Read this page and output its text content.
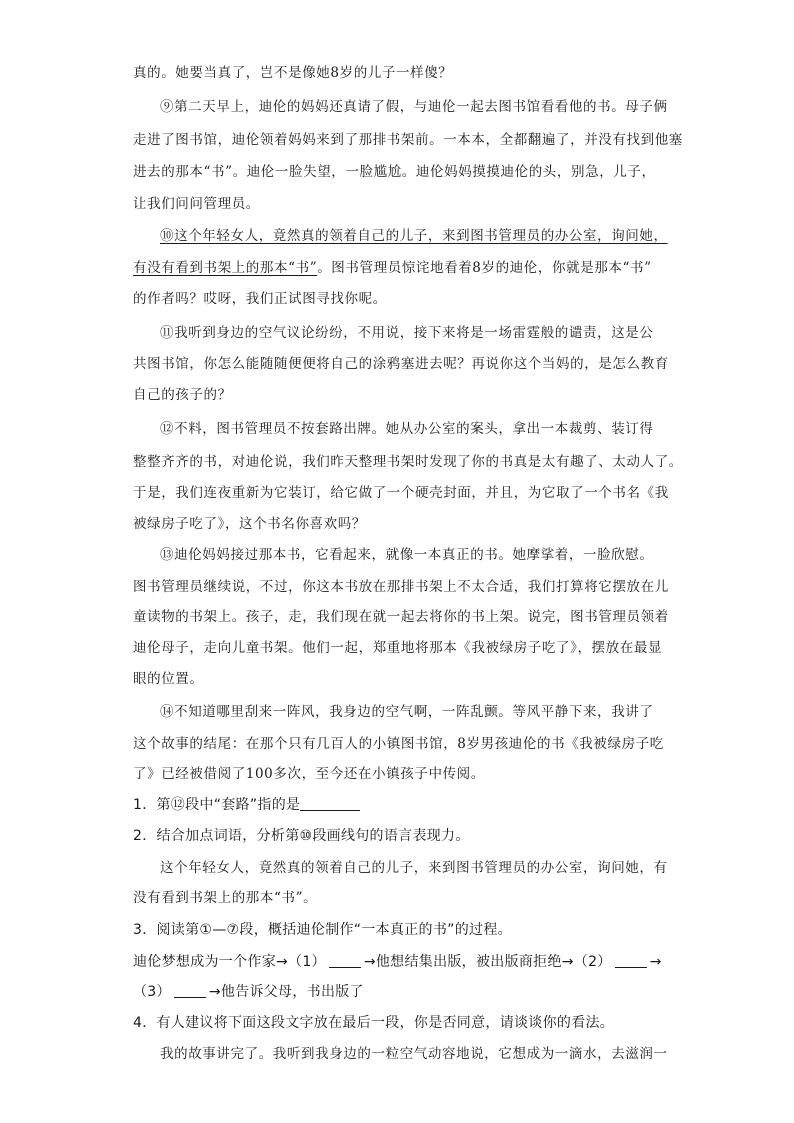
真的。她要当真了，岂不是像她8岁的儿子一样傻？
⑨第二天早上，迪伦的妈妈还真请了假，与迪伦一起去图书馆看看他的书。母子俩
走进了图书馆，迪伦领着妈妈来到了那排书架前。一本本，全都翻遍了，并没有找到他塞
进去的那本“书”。迪伦一脸失望，一脸尴尬。迪伦妈妈摸摸迪伦的头，别急，儿子，
让我们问问管理员。
⑩这个年轻女人，竟然真的领着自己的儿子，来到图书管理员的办公室，询问她，
有没有看到书架上的那本“书”。图书管理员惊诧地看着8岁的迪伦，你就是那本“书”
的作者吗？哎呀，我们正试图寻找你呢。
⑪我听到身边的空气议论纷纷，不用说，接下来将是一场雷霆般的谴责，这是公
共图书馆，你怎么能随随便便将自己的涂鸦塞进去呢？再说你这个当妈的，是怎么教育
自己的孩子的？
⑫不料，图书管理员不按套路出牌。她从办公室的案头，拿出一本裁剪、装订得
整整齐齐的书，对迪伦说，我们昨天整理书架时发现了你的书真是太有趣了、太动人了。
于是，我们连夜重新为它装订，给它做了一个硬壳封面，并且，为它取了一个书名《我
被绿房子吃了》，这个书名你喜欢吗？
⑬迪伦妈妈接过那本书，它看起来，就像一本真正的书。她摩挲着，一脸欣慰。
图书管理员继续说，不过，你这本书放在那排书架上不太合适，我们打算将它摆放在儿
童读物的书架上。孩子，走，我们现在就一起去将你的书上架。说完，图书管理员领着
迪伦母子，走向儿童书架。他们一起，郑重地将那本《我被绿房子吃了》，摆放在最显
眼的位置。
⑭不知道哪里刮来一阵风，我身边的空气啊，一阵乱颤。等风平静下来，我讲了
这个故事的结尾：在那个只有几百人的小镇图书馆，8岁男孩迪伦的书《我被绿房子吃
了》已经被借阅了100多次，至今还在小镇孩子中传阅。
1．第⑫段中“套路”指的是
2．结合加点词语，分析第⑩段画线句的语言表现力。
这个年轻女人，竟然真的领着自己的儿子，来到图书管理员的办公室，询问她，有
没有看到书架上的那本“书”。
3．阅读第①—⑦段，概括迪伦制作“一本真正的书”的过程。
迪伦梦想成为一个作家→（1）	→他想结集出版，被出版商拒绝→（2）	→
（3）	→他告诉父母，书出版了
4．有人建议将下面这段文字放在最后一段，你是否同意，请谈谈你的看法。
我的故事讲完了。我听到我身边的一粒空气动容地说，它想成为一滴水，去滋润一
